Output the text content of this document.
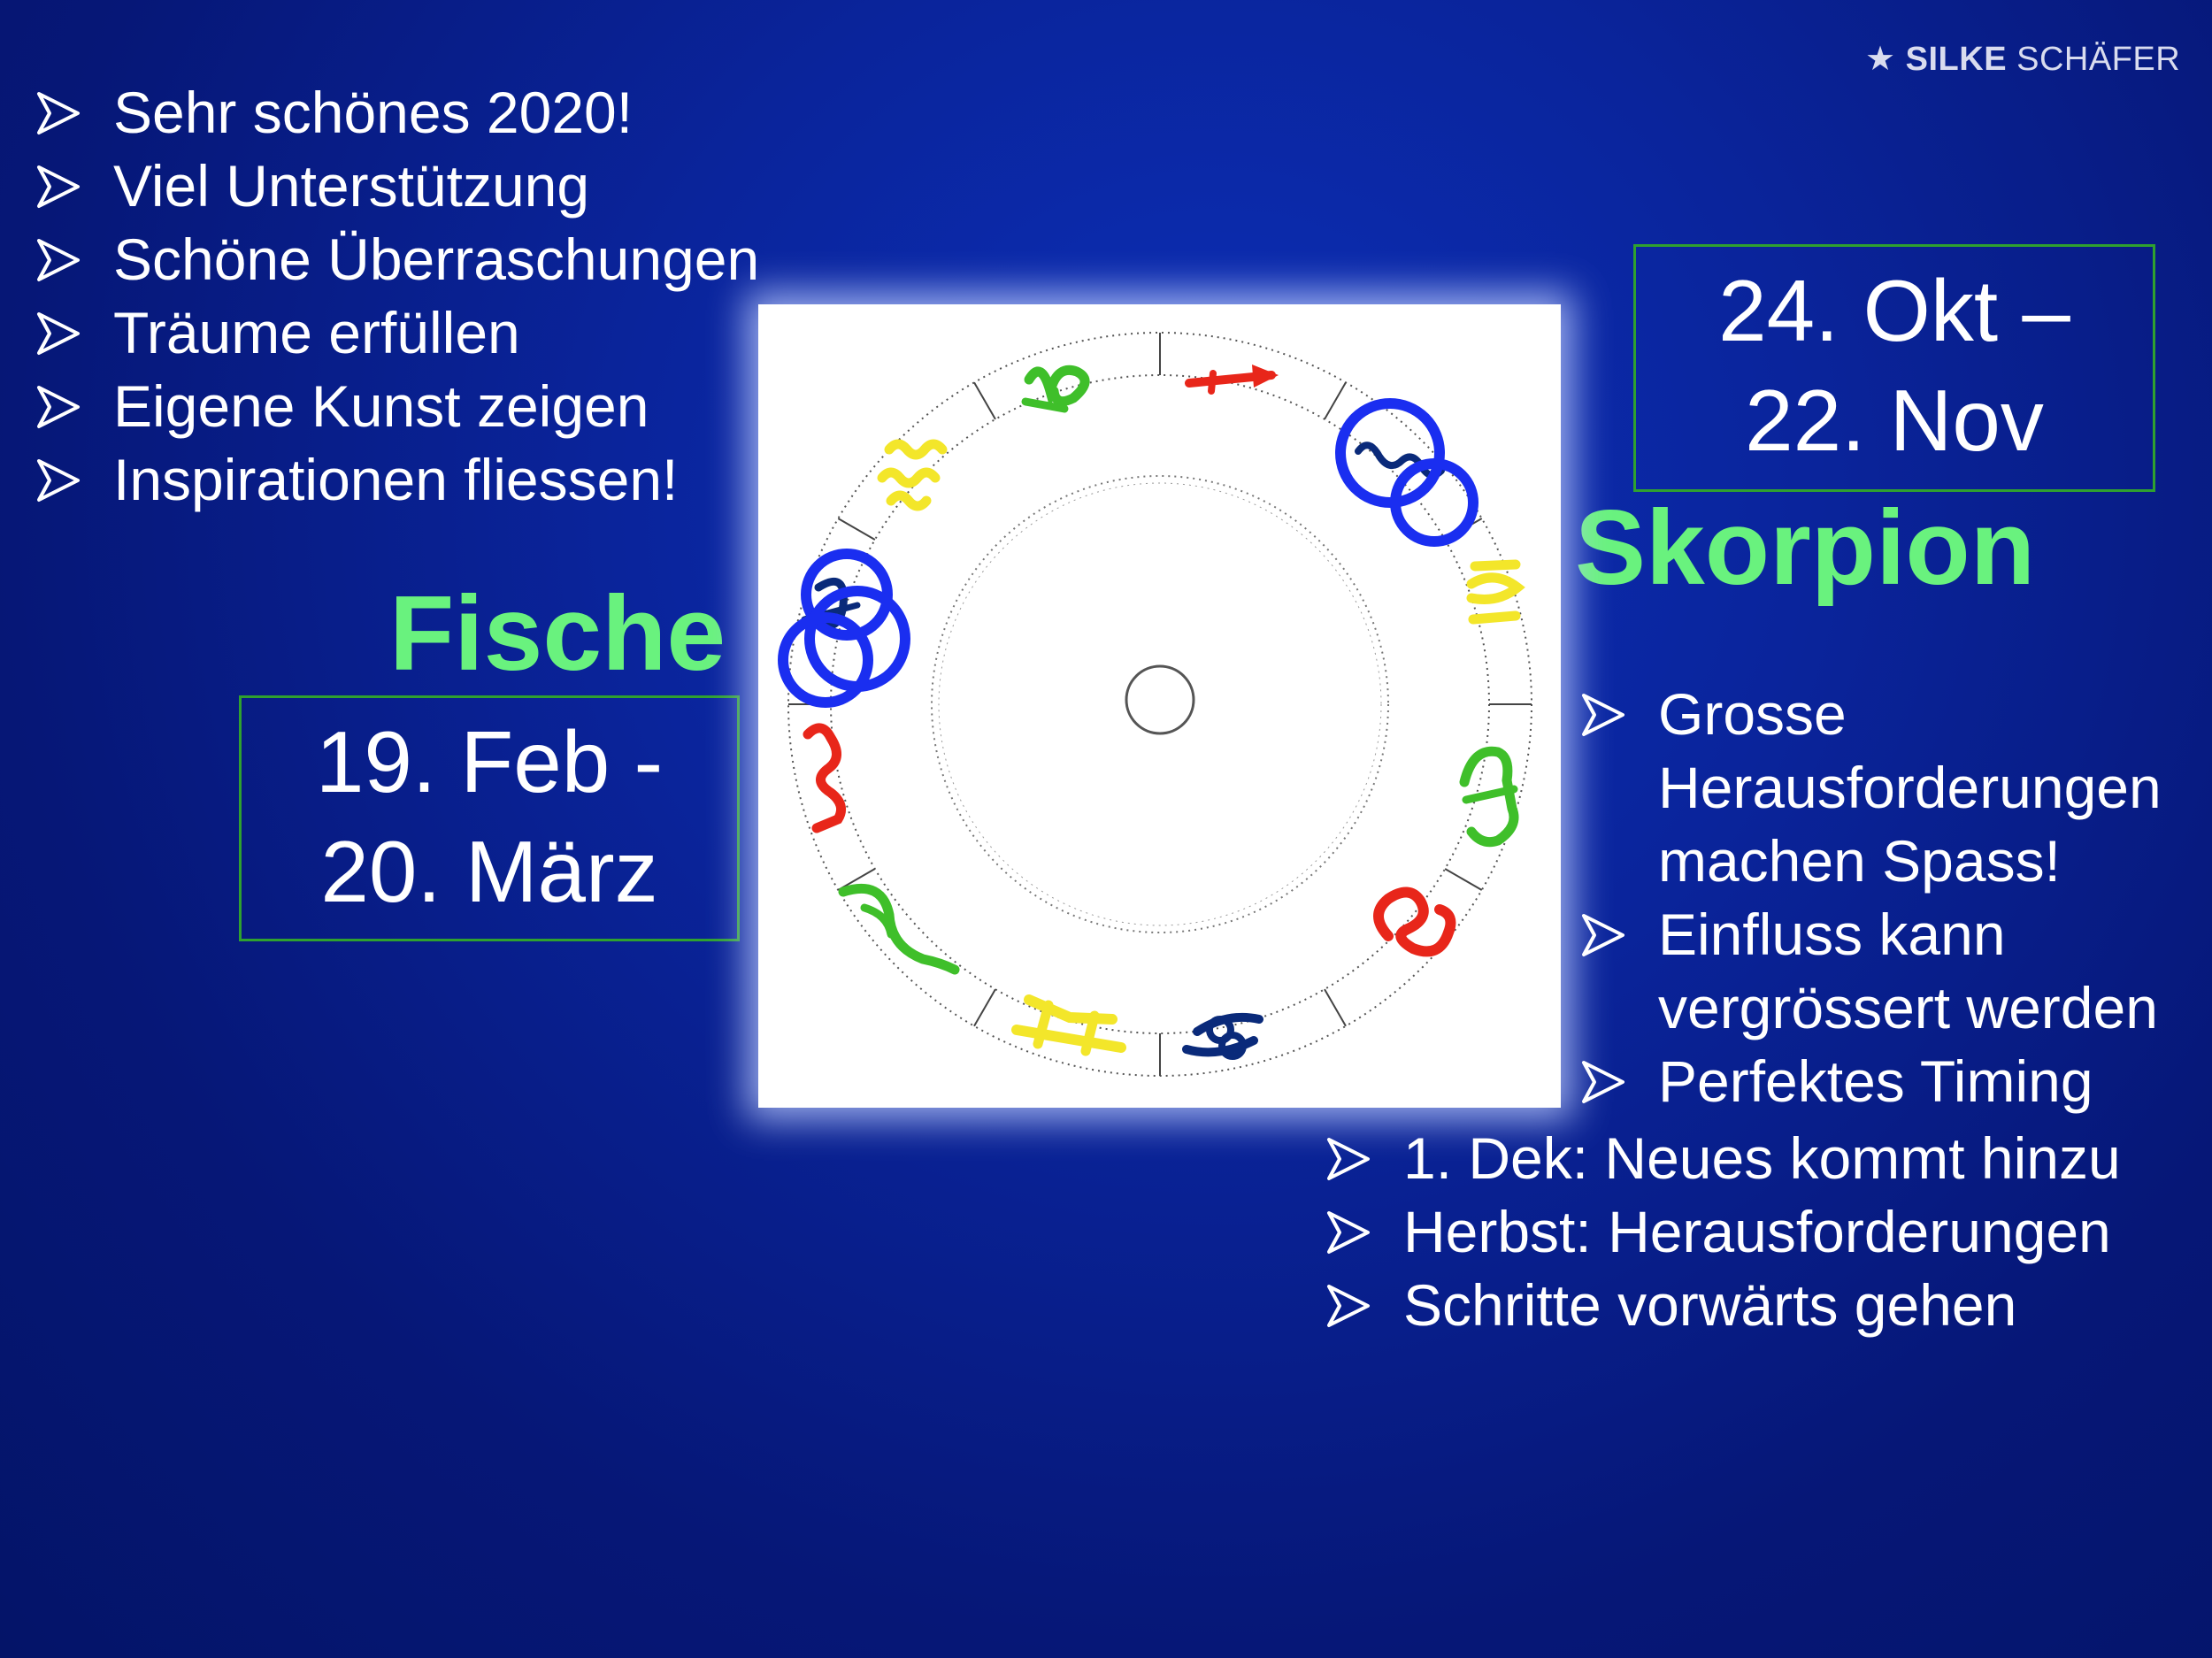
★ SILKE SCHÄFER
Sehr schönes 2020!
Viel Unterstützung
Schöne Überraschungen
Träume erfüllen
Eigene Kunst zeigen
Inspirationen fliessen!
Fische
19. Feb -
20. März
24. Okt –
22. Nov
Skorpion
Grosse
Herausforderungen
machen Spass!
Einfluss kann
vergrössert werden
Perfektes Timing
1. Dek: Neues kommt hinzu
Herbst: Herausforderungen
Schritte vorwärts gehen
